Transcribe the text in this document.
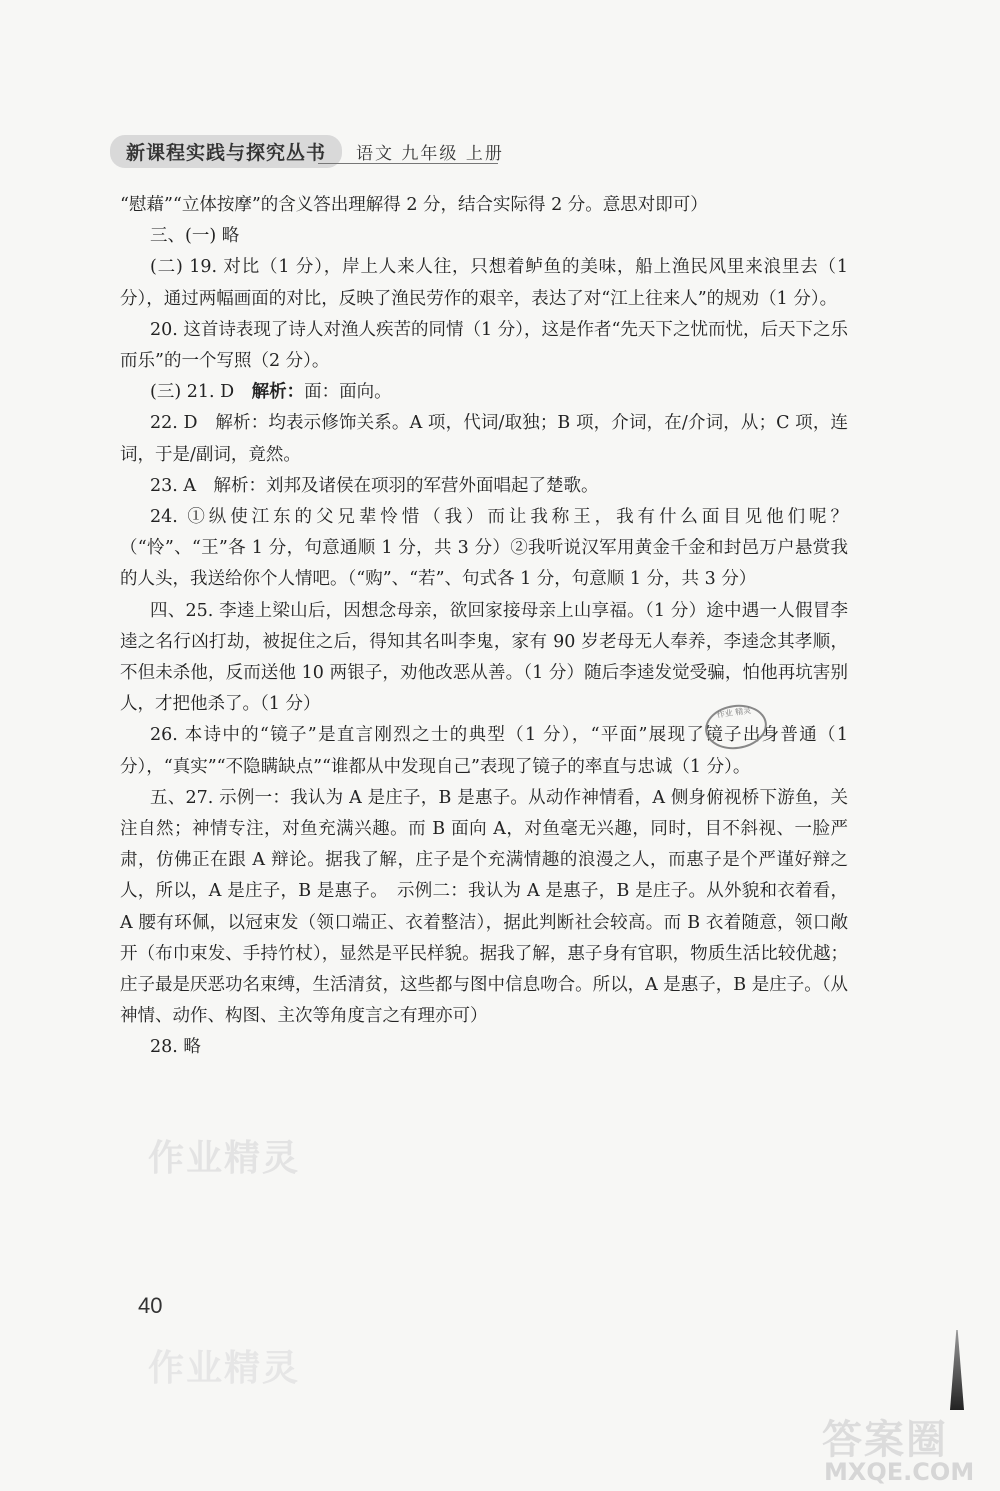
新课程实践与探究丛书	语文 九年级 上册

“慰藉”“立体按摩”的含义答出理解得 2 分，结合实际得 2 分。意思对即可）

三、(一) 略

(二) 19. 对比（1 分），岸上人来人往，只想着鲈鱼的美味，船上渔民风里来浪里去（1 分），通过两幅画面的对比，反映了渔民劳作的艰辛，表达了对“江上往来人”的规劝（1 分）。

20. 这首诗表现了诗人对渔人疾苦的同情（1 分），这是作者“先天下之忧而忧，后天下之乐而乐”的一个写照（2 分）。

(三) 21. D　解析：面：面向。

22. D　解析：均表示修饰关系。A 项，代词/取独；B 项，介词，在/介词，从；C 项，连词，于是/副词，竟然。

23. A　解析：刘邦及诸侯在项羽的军营外面唱起了楚歌。

24. ①纵使江东的父兄辈怜惜（我）而让我称王，我有什么面目见他们呢？（“怜”、“王”各 1 分，句意通顺 1 分，共 3 分）②我听说汉军用黄金千金和封邑万户悬赏我的人头，我送给你个人情吧。（“购”、“若”、句式各 1 分，句意顺 1 分，共 3 分）

四、25. 李逵上梁山后，因想念母亲，欲回家接母亲上山享福。（1 分）途中遇一人假冒李逵之名行凶打劫，被捉住之后，得知其名叫李鬼，家有 90 岁老母无人奉养，李逵念其孝顺，不但未杀他，反而送他 10 两银子，劝他改恶从善。（1 分）随后李逵发觉受骗，怕他再坑害别人，才把他杀了。（1 分）

26. 本诗中的“镜子”是直言刚烈之士的典型（1 分），“平面”展现了镜子出身普通（1 分），“真实”“不隐瞒缺点”“谁都从中发现自己”表现了镜子的率直与忠诚（1 分）。

五、27. 示例一：我认为 A 是庄子，B 是惠子。从动作神情看，A 侧身俯视桥下游鱼，关注自然；神情专注，对鱼充满兴趣。而 B 面向 A，对鱼毫无兴趣，同时，目不斜视、一脸严肃，仿佛正在跟 A 辩论。据我了解，庄子是个充满情趣的浪漫之人，而惠子是个严谨好辩之人，所以，A 是庄子，B 是惠子。　示例二：我认为 A 是惠子，B 是庄子。从外貌和衣着看，A 腰有环佩，以冠束发（领口端正、衣着整洁），据此判断社会较高。而 B 衣着随意，领口敞开（布巾束发、手持竹杖），显然是平民样貌。据我了解，惠子身有官职，物质生活比较优越；庄子最是厌恶功名束缚，生活清贫，这些都与图中信息吻合。所以，A 是惠子，B 是庄子。（从神情、动作、构图、主次等角度言之有理亦可）

28. 略

作业 精灵
作业精灵
40
作业精灵
答案圈
MXQE.COM
